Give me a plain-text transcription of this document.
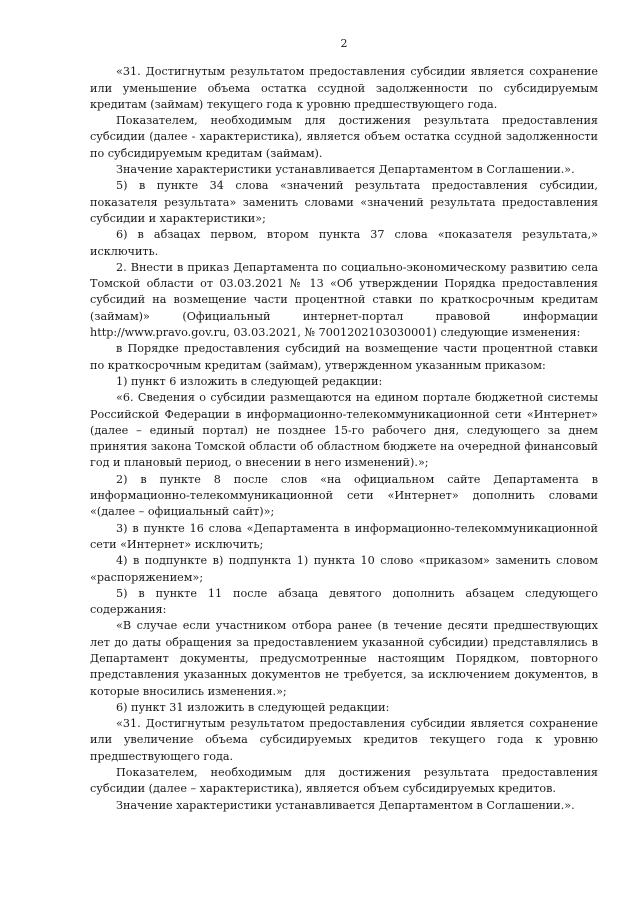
2

«31. Достигнутым результатом предоставления субсидии является сохранение или уменьшение объема остатка ссудной задолженности по субсидируемым кредитам (займам) текущего года к уровню предшествующего года.

Показателем, необходимым для достижения результата предоставления субсидии (далее - характеристика), является объем остатка ссудной задолженности по субсидируемым кредитам (займам).

Значение характеристики устанавливается Департаментом в Соглашении.».

5) в пункте 34 слова «значений результата предоставления субсидии, показателя результата» заменить словами «значений результата предоставления субсидии и характеристики»;

6) в абзацах первом, втором пункта 37 слова «показателя результата,» исключить.

2. Внести в приказ Департамента по социально-экономическому развитию села Томской области от 03.03.2021 № 13 «Об утверждении Порядка предоставления субсидий на возмещение части процентной ставки по краткосрочным кредитам (займам)» (Официальный интернет-портал правовой информации http://www.pravo.gov.ru, 03.03.2021, № 7001202103030001) следующие изменения:

в Порядке предоставления субсидий на возмещение части процентной ставки по краткосрочным кредитам (займам), утвержденном указанным приказом:

1) пункт 6 изложить в следующей редакции:

«6. Сведения о субсидии размещаются на едином портале бюджетной системы Российской Федерации в информационно-телекоммуникационной сети «Интернет» (далее – единый портал) не позднее 15-го рабочего дня, следующего за днем принятия закона Томской области об областном бюджете на очередной финансовый год и плановый период, о внесении в него изменений).»;

2) в пункте 8 после слов «на официальном сайте Департамента в информационно-телекоммуникационной сети «Интернет» дополнить словами «(далее – официальный сайт)»;

3) в пункте 16 слова «Департамента в информационно-телекоммуникационной сети «Интернет» исключить;

4) в подпункте в) подпункта 1) пункта 10 слово «приказом» заменить словом «распоряжением»;

5) в пункте 11 после абзаца девятого дополнить абзацем следующего содержания:

«В случае если участником отбора ранее (в течение десяти предшествующих лет до даты обращения за предоставлением указанной субсидии) представлялись в Департамент документы, предусмотренные настоящим Порядком, повторного представления указанных документов не требуется, за исключением документов, в которые вносились изменения.»;

6) пункт 31 изложить в следующей редакции:

«31. Достигнутым результатом предоставления субсидии является сохранение или увеличение объема субсидируемых кредитов текущего года к уровню предшествующего года.

Показателем, необходимым для достижения результата предоставления субсидии (далее – характеристика), является объем субсидируемых кредитов.

Значение характеристики устанавливается Департаментом в Соглашении.».
